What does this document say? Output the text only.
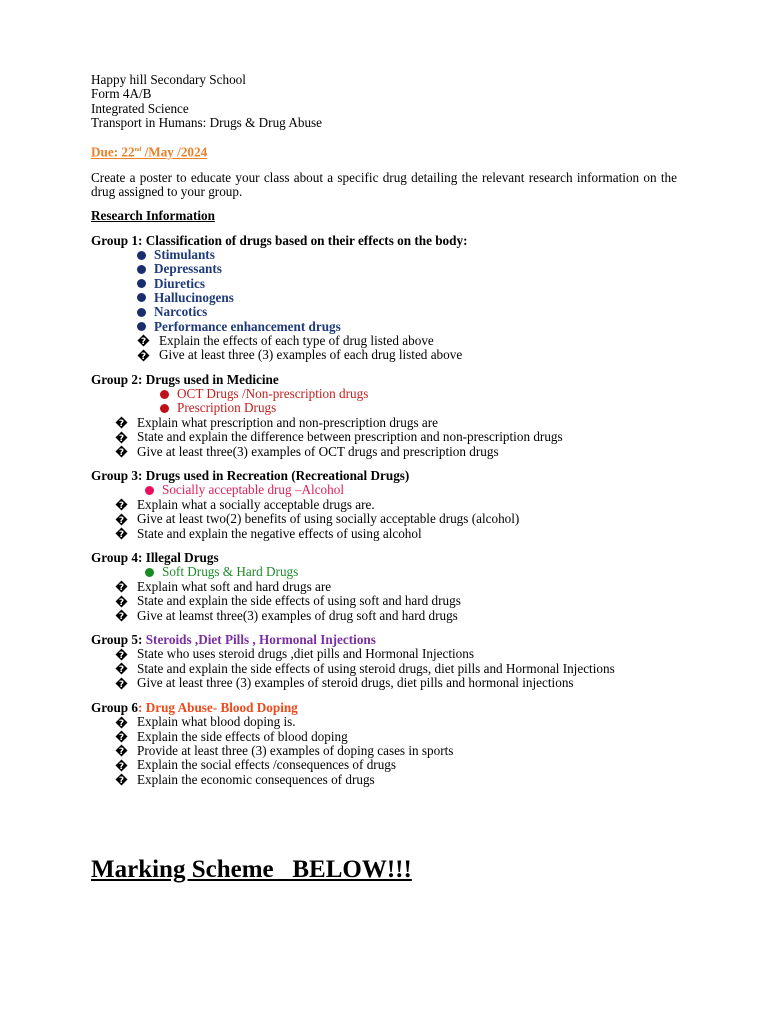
Happy hill Secondary School
Form 4A/B
Integrated Science
Transport in Humans: Drugs & Drug Abuse
Due: 22nd /May /2024
Create a poster to educate your class about a specific drug detailing the relevant research information on the drug assigned to your group.
Research Information
Group 1: Classification of drugs based on their effects on the body:
Stimulants
Depressants
Diuretics
Hallucinogens
Narcotics
Performance enhancement drugs
? Explain the effects of each type of drug listed above
? Give at least three (3) examples of each drug listed above
Group 2: Drugs used in Medicine
OCT Drugs /Non-prescription drugs
Prescription Drugs
? Explain what prescription and non-prescription drugs are
? State and explain the difference between prescription and non-prescription drugs
? Give at least three(3) examples of OCT drugs and prescription drugs
Group 3: Drugs used in Recreation (Recreational Drugs)
Socially acceptable drug –Alcohol
? Explain what a socially acceptable drugs are.
? Give at least two(2) benefits of using socially acceptable drugs (alcohol)
? State and explain the negative effects of using alcohol
Group 4: Illegal Drugs
Soft Drugs & Hard Drugs
? Explain what soft and hard drugs are
? State and explain the side effects of using soft and hard drugs
? Give at leamst three(3) examples of drug soft and hard drugs
Group 5: Steroids ,Diet Pills , Hormonal Injections
? State who uses steroid drugs ,diet pills and Hormonal Injections
? State and explain the side effects of using steroid drugs, diet pills and Hormonal Injections
? Give at least three (3) examples of steroid drugs, diet pills and hormonal injections
Group 6: Drug Abuse- Blood Doping
? Explain what blood doping is.
? Explain the side effects of blood doping
? Provide at least three (3) examples of doping cases in sports
? Explain the social effects /consequences of drugs
? Explain the economic consequences of drugs
Marking Scheme   BELOW!!!
